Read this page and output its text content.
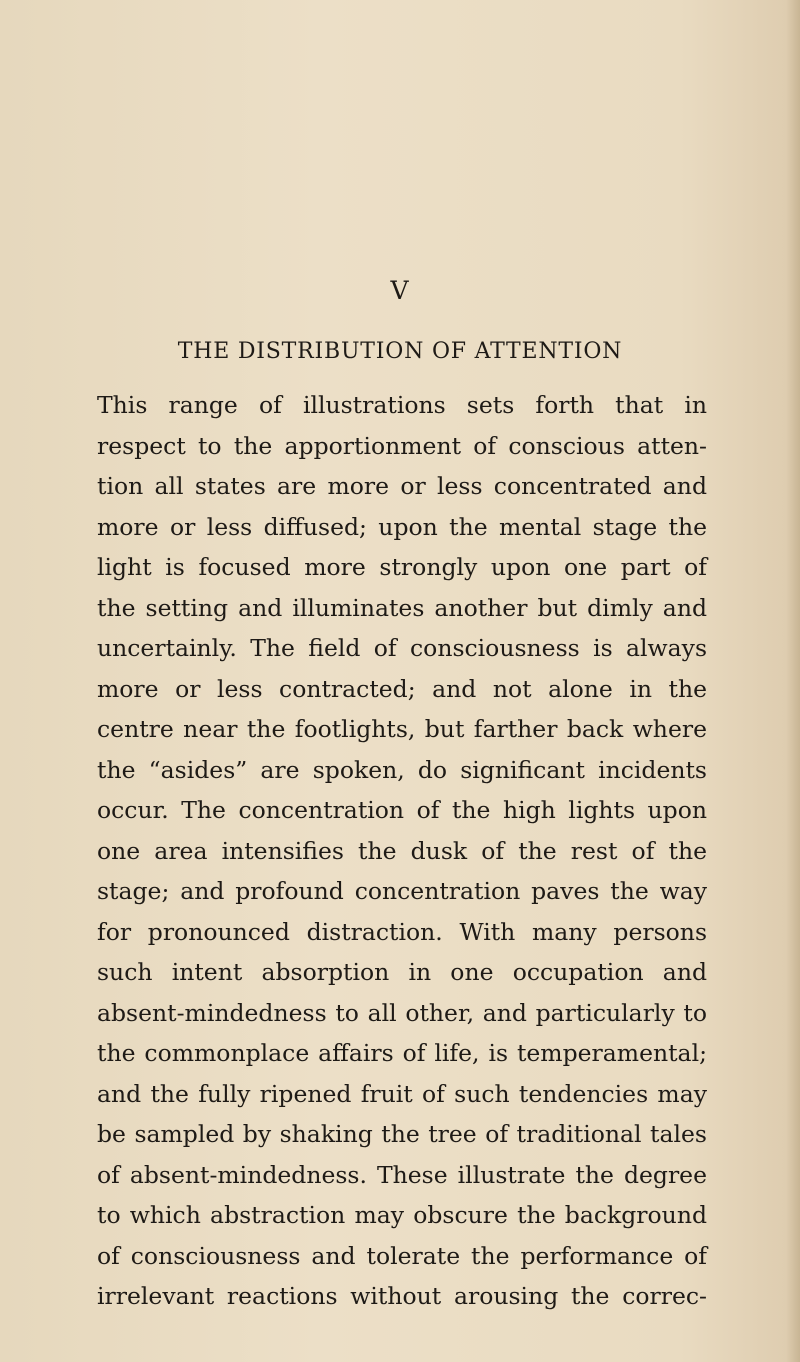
V
THE DISTRIBUTION OF ATTENTION
This range of illustrations sets forth that in
respect to the apportionment of conscious atten-
tion all states are more or less concentrated and
more or less diffused; upon the mental stage the
light is focused more strongly upon one part of
the setting and illuminates another but dimly and
uncertainly. The field of consciousness is always
more or less contracted; and not alone in the
centre near the footlights, but farther back where
the “asides” are spoken, do significant incidents
occur. The concentration of the high lights upon
one area intensifies the dusk of the rest of the
stage; and profound concentration paves the way
for pronounced distraction. With many persons
such intent absorption in one occupation and
absent-mindedness to all other, and particularly to
the commonplace affairs of life, is temperamental;
and the fully ripened fruit of such tendencies may
be sampled by shaking the tree of traditional tales
of absent-mindedness. These illustrate the degree
to which abstraction may obscure the background
of consciousness and tolerate the performance of
irrelevant reactions without arousing the correc-
